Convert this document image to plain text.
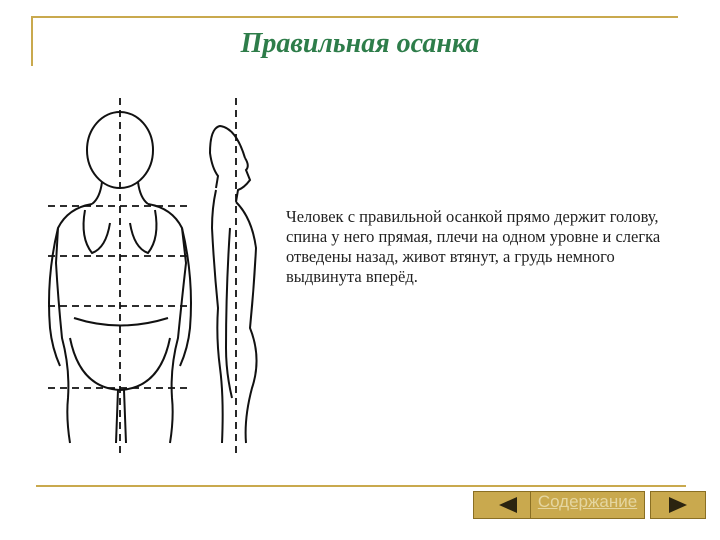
Правильная осанка
Человек с правильной осанкой прямо держит голову, спина у него прямая, плечи на одном уровне и слегка отведены назад, живот втянут, а грудь немного выдвинута вперёд.
Содержание
